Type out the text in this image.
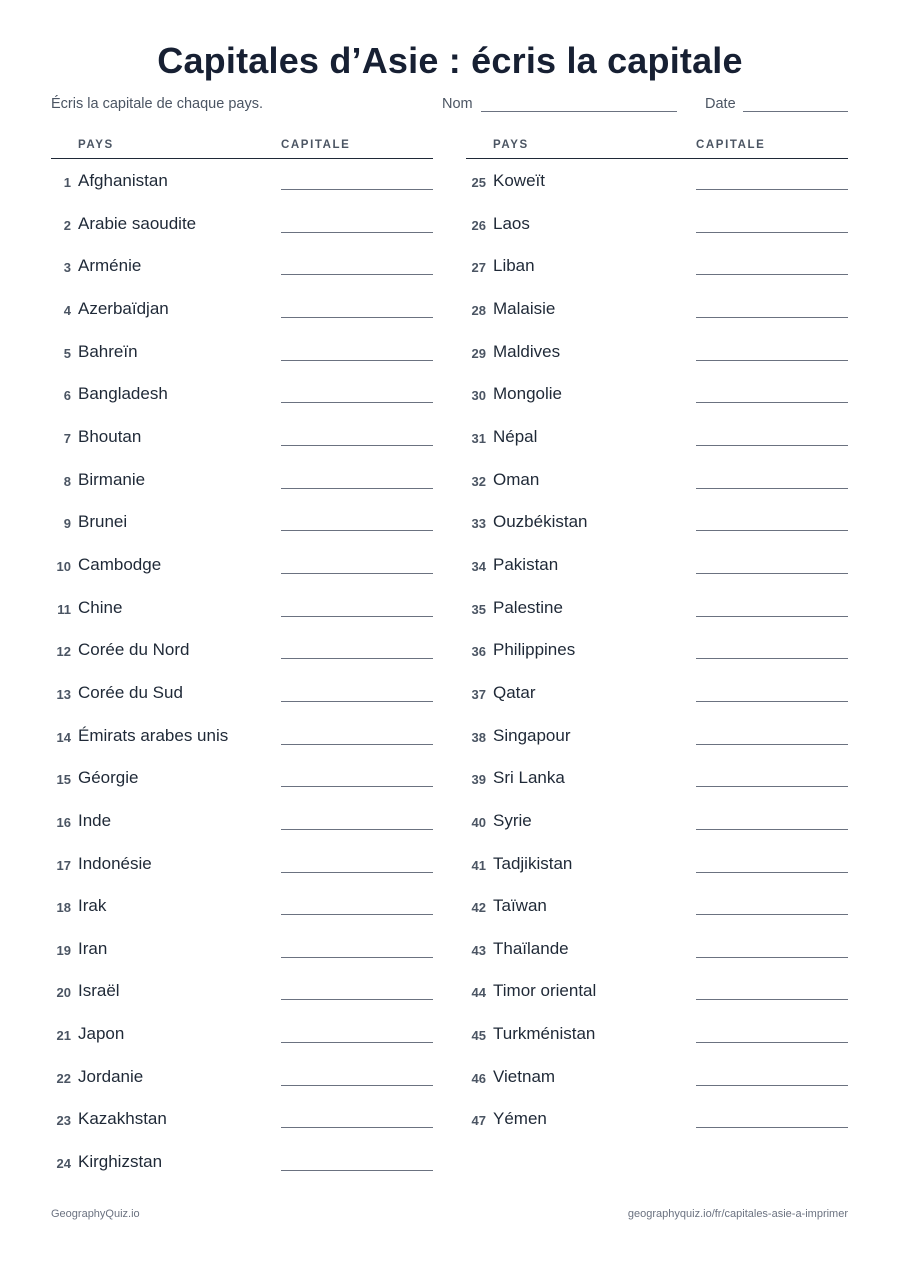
Capitales d’Asie : écris la capitale
Écris la capitale de chaque pays.	Nom	Date
PAYS	CAPITALE
1 Afghanistan
2 Arabie saoudite
3 Arménie
4 Azerbaïdjan
5 Bahreïn
6 Bangladesh
7 Bhoutan
8 Birmanie
9 Brunei
10 Cambodge
11 Chine
12 Corée du Nord
13 Corée du Sud
14 Émirats arabes unis
15 Géorgie
16 Inde
17 Indonésie
18 Irak
19 Iran
20 Israël
21 Japon
22 Jordanie
23 Kazakhstan
24 Kirghizstan
PAYS	CAPITALE
25 Koweït
26 Laos
27 Liban
28 Malaisie
29 Maldives
30 Mongolie
31 Népal
32 Oman
33 Ouzbékistan
34 Pakistan
35 Palestine
36 Philippines
37 Qatar
38 Singapour
39 Sri Lanka
40 Syrie
41 Tadjikistan
42 Taïwan
43 Thaïlande
44 Timor oriental
45 Turkménistan
46 Vietnam
47 Yémen
GeographyQuiz.io	geographyquiz.io/fr/capitales-asie-a-imprimer
